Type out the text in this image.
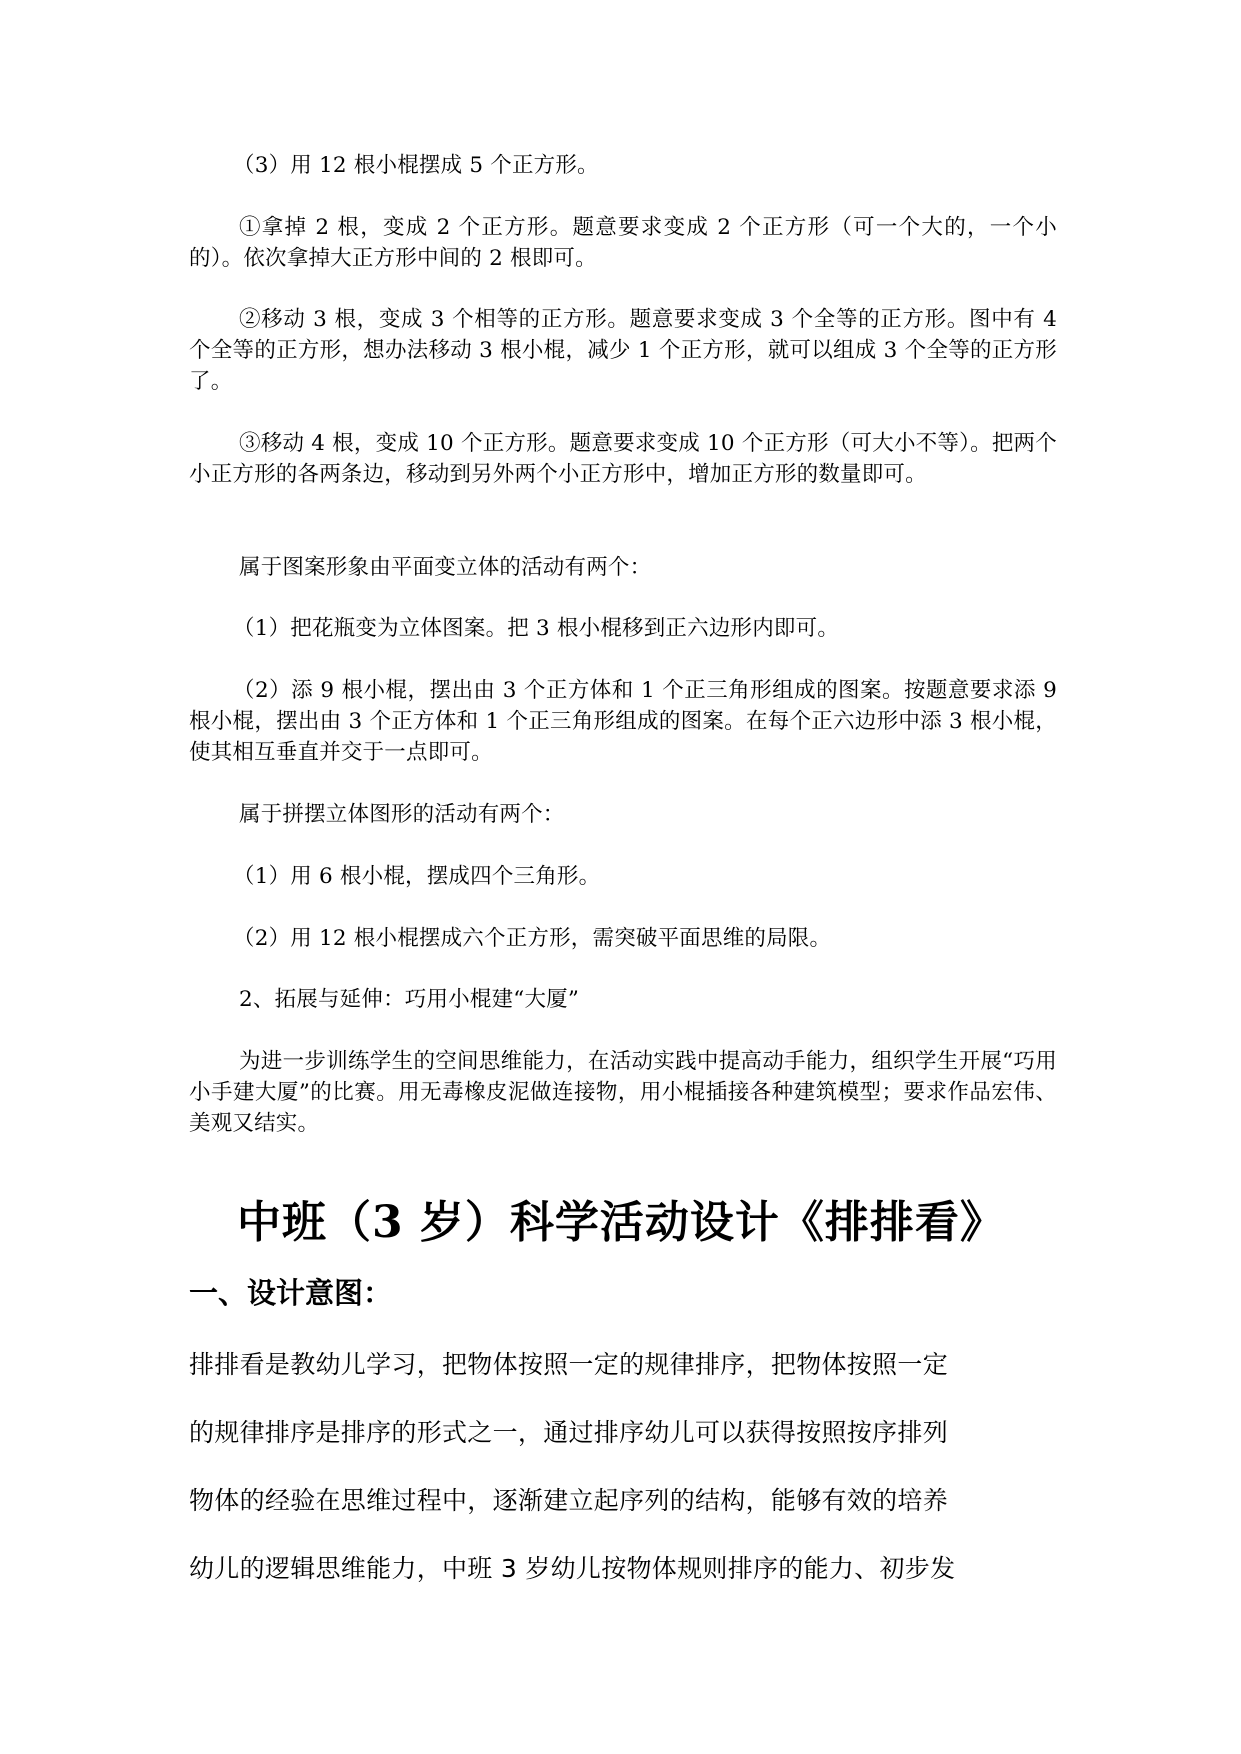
（3）用 12 根小棍摆成 5 个正方形。

①拿掉 2 根，变成 2 个正方形。题意要求变成 2 个正方形（可一个大的，一个小的）。依次拿掉大正方形中间的 2 根即可。

②移动 3 根，变成 3 个相等的正方形。题意要求变成 3 个全等的正方形。图中有 4 个全等的正方形，想办法移动 3 根小棍，减少 1 个正方形，就可以组成 3 个全等的正方形了。

③移动 4 根，变成 10 个正方形。题意要求变成 10 个正方形（可大小不等）。把两个小正方形的各两条边，移动到另外两个小正方形中，增加正方形的数量即可。

属于图案形象由平面变立体的活动有两个：

（1）把花瓶变为立体图案。把 3 根小棍移到正六边形内即可。

（2）添 9 根小棍，摆出由 3 个正方体和 1 个正三角形组成的图案。按题意要求添 9 根小棍，摆出由 3 个正方体和 1 个正三角形组成的图案。在每个正六边形中添 3 根小棍，使其相互垂直并交于一点即可。

属于拼摆立体图形的活动有两个：

（1）用 6 根小棍，摆成四个三角形。

（2）用 12 根小棍摆成六个正方形，需突破平面思维的局限。

2、拓展与延伸：巧用小棍建“大厦”

为进一步训练学生的空间思维能力，在活动实践中提高动手能力，组织学生开展“巧用小手建大厦”的比赛。用无毒橡皮泥做连接物，用小棍插接各种建筑模型；要求作品宏伟、美观又结实。

中班（3 岁）科学活动设计《排排看》
一、设计意图：

排排看是教幼儿学习，把物体按照一定的规律排序，把物体按照一定

的规律排序是排序的形式之一，通过排序幼儿可以获得按照按序排列

物体的经验在思维过程中，逐渐建立起序列的结构，能够有效的培养

幼儿的逻辑思维能力，中班 3 岁幼儿按物体规则排序的能力、初步发
